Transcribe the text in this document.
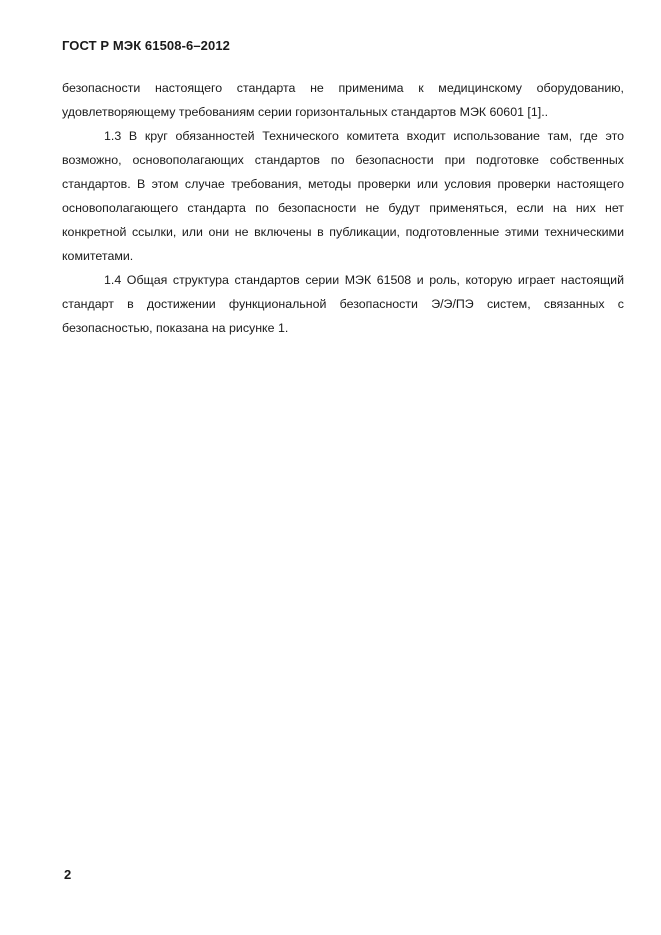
ГОСТ Р МЭК 61508-6–2012

безопасности настоящего стандарта не применима к медицинскому оборудованию, удовлетворяющему требованиям серии горизонтальных стандартов МЭК 60601 [1]..

1.3 В круг обязанностей Технического комитета входит использование там, где это возможно, основополагающих стандартов по безопасности при подготовке собственных стандартов. В этом случае требования, методы проверки или условия проверки настоящего основополагающего стандарта по безопасности не будут применяться, если на них нет конкретной ссылки, или они не включены в публикации, подготовленные этими техническими комитетами.

1.4 Общая структура стандартов серии МЭК 61508 и роль, которую играет настоящий стандарт в достижении функциональной безопасности Э/Э/ПЭ систем, связанных с безопасностью, показана на рисунке 1.

2
